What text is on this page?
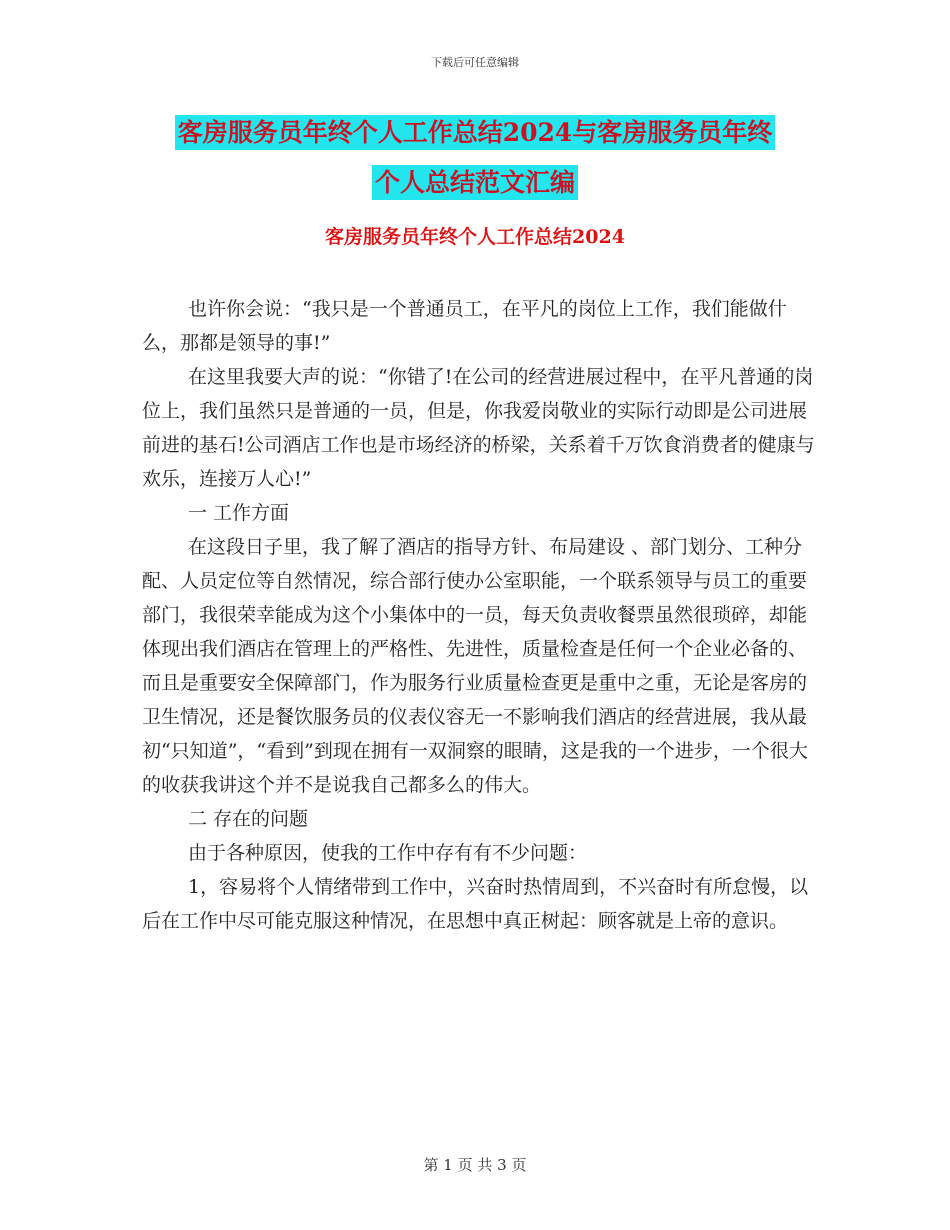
下载后可任意编辑
客房服务员年终个人工作总结2024与客房服务员年终
个人总结范文汇编
客房服务员年终个人工作总结2024

也许你会说：“我只是一个普通员工，在平凡的岗位上工作，我们能做什么，那都是领导的事!”

在这里我要大声的说：“你错了!在公司的经营进展过程中，在平凡普通的岗位上，我们虽然只是普通的一员，但是，你我爱岗敬业的实际行动即是公司进展前进的基石!公司酒店工作也是市场经济的桥梁，关系着千万饮食消费者的健康与欢乐，连接万人心!”

一 工作方面

在这段日子里，我了解了酒店的指导方针、布局建设 、部门划分、工种分配、人员定位等自然情况，综合部行使办公室职能，一个联系领导与员工的重要部门，我很荣幸能成为这个小集体中的一员，每天负责收餐票虽然很琐碎，却能体现出我们酒店在管理上的严格性、先进性，质量检查是任何一个企业必备的、而且是重要安全保障部门，作为服务行业质量检查更是重中之重，无论是客房的卫生情况，还是餐饮服务员的仪表仪容无一不影响我们酒店的经营进展，我从最初“只知道”，“看到”到现在拥有一双洞察的眼睛，这是我的一个进步，一个很大的收获我讲这个并不是说我自己都多么的伟大。

二 存在的问题

由于各种原因，使我的工作中存有有不少问题：

1，容易将个人情绪带到工作中，兴奋时热情周到，不兴奋时有所怠慢，以后在工作中尽可能克服这种情况，在思想中真正树起：顾客就是上帝的意识。

第 1 页 共 3 页
